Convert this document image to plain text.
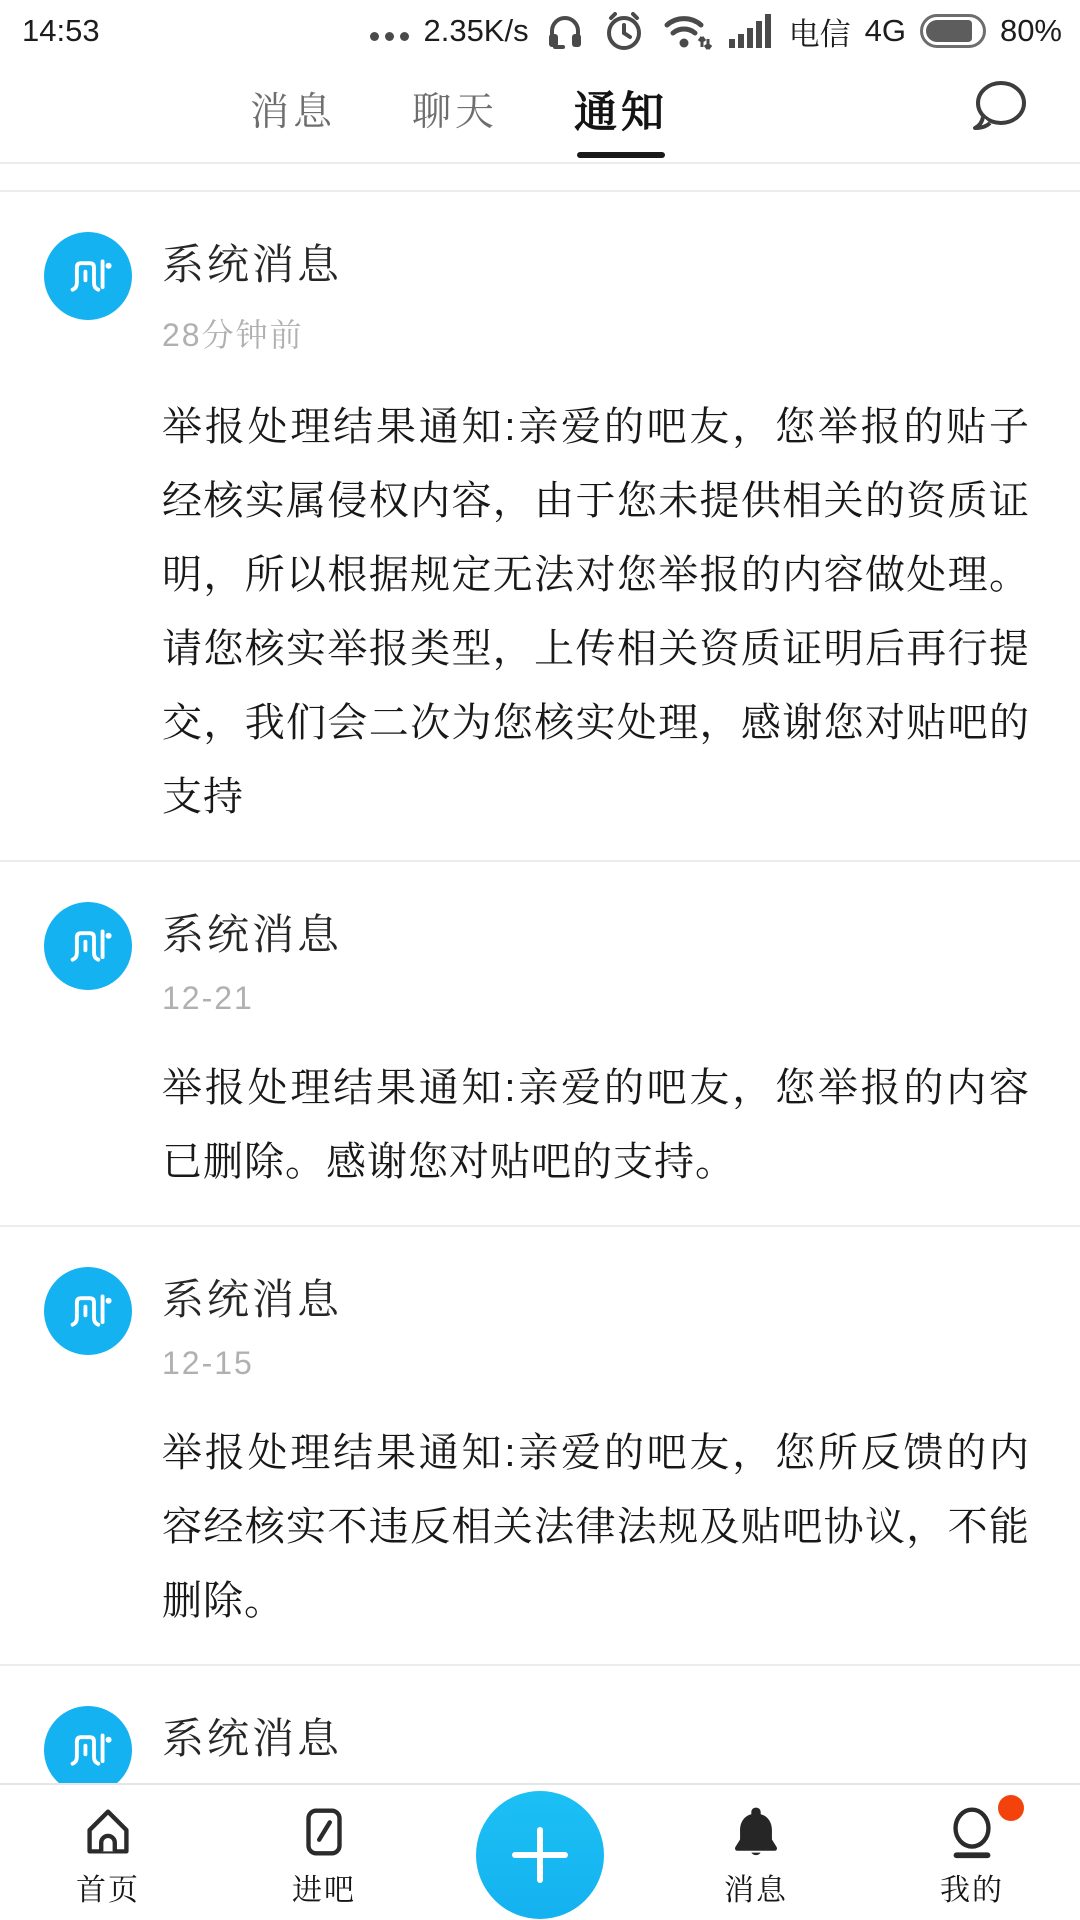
14:53	2.35K/s	电信 4G	80%
消息 聊天 通知
系统消息
28分钟前
举报处理结果通知:亲爱的吧友，您举报的贴子经核实属侵权内容，由于您未提供相关的资质证明，所以根据规定无法对您举报的内容做处理。请您核实举报类型，上传相关资质证明后再行提交，我们会二次为您核实处理，感谢您对贴吧的支持
系统消息
12-21
举报处理结果通知:亲爱的吧友，您举报的内容已删除。感谢您对贴吧的支持。
系统消息
12-15
举报处理结果通知:亲爱的吧友，您所反馈的内容经核实不违反相关法律法规及贴吧协议，不能删除。
系统消息
首页	进吧	消息	我的
